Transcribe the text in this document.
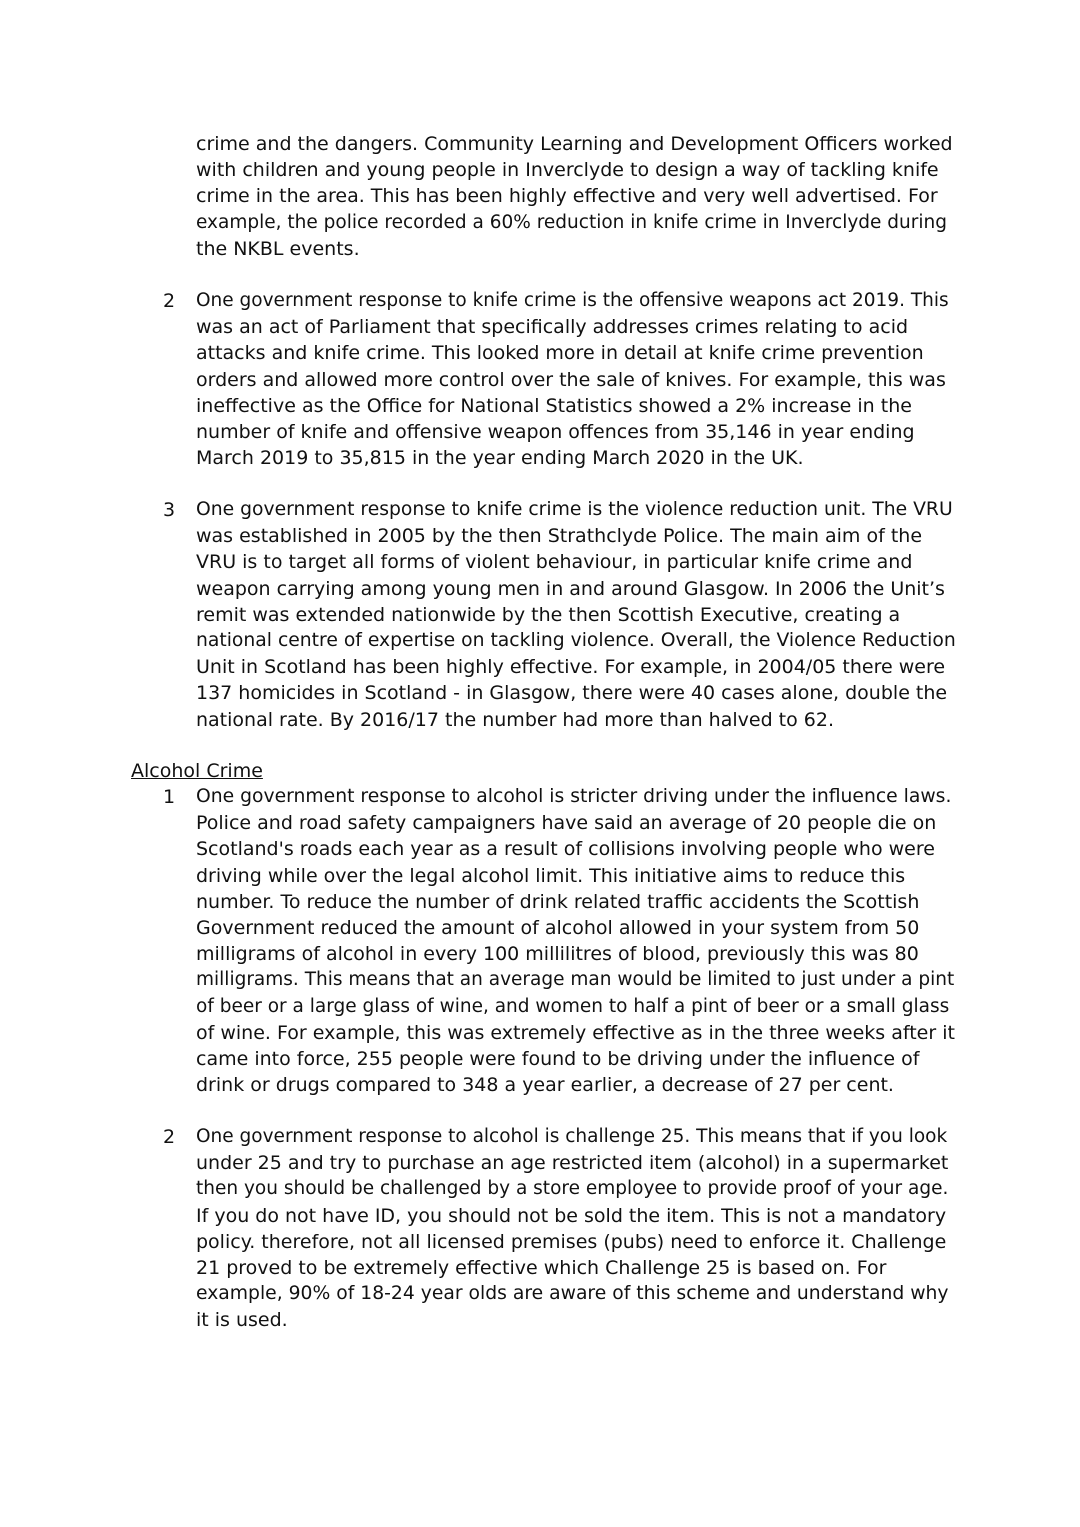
crime and the dangers. Community Learning and Development Officers worked
with children and young people in Inverclyde to design a way of tackling knife
crime in the area. This has been highly effective and very well advertised. For
example, the police recorded a 60% reduction in knife crime in Inverclyde during
the NKBL events.

2	One government response to knife crime is the offensive weapons act 2019. This
was an act of Parliament that specifically addresses crimes relating to acid
attacks and knife crime. This looked more in detail at knife crime prevention
orders and allowed more control over the sale of knives. For example, this was
ineffective as the Office for National Statistics showed a 2% increase in the
number of knife and offensive weapon offences from 35,146 in year ending
March 2019 to 35,815 in the year ending March 2020 in the UK.

3	One government response to knife crime is the violence reduction unit. The VRU
was established in 2005 by the then Strathclyde Police. The main aim of the
VRU is to target all forms of violent behaviour, in particular knife crime and
weapon carrying among young men in and around Glasgow. In 2006 the Unit’s
remit was extended nationwide by the then Scottish Executive, creating a
national centre of expertise on tackling violence. Overall, the Violence Reduction
Unit in Scotland has been highly effective. For example, in 2004/05 there were
137 homicides in Scotland - in Glasgow, there were 40 cases alone, double the
national rate. By 2016/17 the number had more than halved to 62.

Alcohol Crime
1	One government response to alcohol is stricter driving under the influence laws.
Police and road safety campaigners have said an average of 20 people die on
Scotland's roads each year as a result of collisions involving people who were
driving while over the legal alcohol limit. This initiative aims to reduce this
number. To reduce the number of drink related traffic accidents the Scottish
Government reduced the amount of alcohol allowed in your system from 50
milligrams of alcohol in every 100 millilitres of blood, previously this was 80
milligrams. This means that an average man would be limited to just under a pint
of beer or a large glass of wine, and women to half a pint of beer or a small glass
of wine. For example, this was extremely effective as in the three weeks after it
came into force, 255 people were found to be driving under the influence of
drink or drugs compared to 348 a year earlier, a decrease of 27 per cent.

2	One government response to alcohol is challenge 25. This means that if you look
under 25 and try to purchase an age restricted item (alcohol) in a supermarket
then you should be challenged by a store employee to provide proof of your age.
If you do not have ID, you should not be sold the item. This is not a mandatory
policy. therefore, not all licensed premises (pubs) need to enforce it. Challenge
21 proved to be extremely effective which Challenge 25 is based on. For
example, 90% of 18-24 year olds are aware of this scheme and understand why
it is used.
